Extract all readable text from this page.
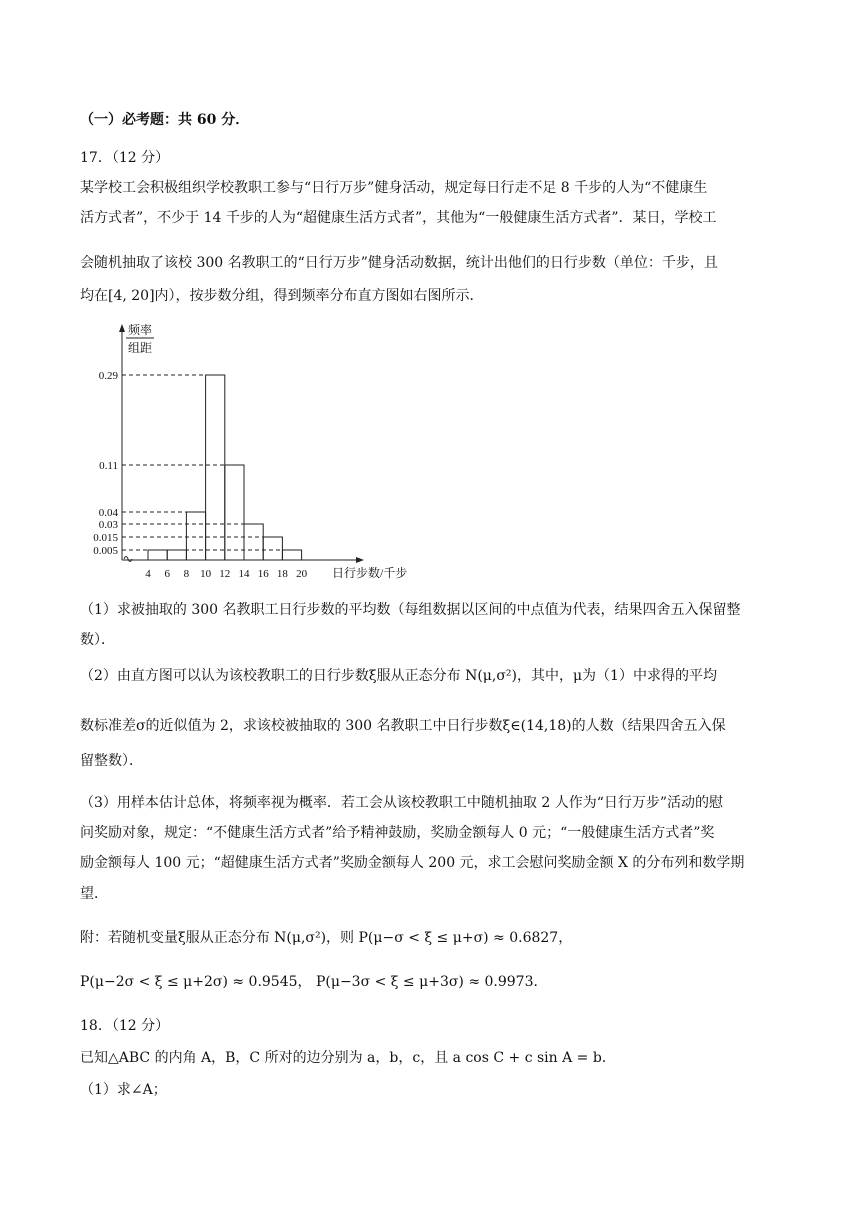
（一）必考题：共 60 分．
17．（12 分）
某学校工会积极组织学校教职工参与“日行万步”健身活动，规定每日行走不足 8 千步的人为“不健康生
活方式者”，不少于 14 千步的人为“超健康生活方式者”，其他为“一般健康生活方式者”．某日，学校工
会随机抽取了该校 300 名教职工的“日行万步”健身活动数据，统计出他们的日行步数（单位：千步，且
均在[4, 20]内），按步数分组，得到频率分布直方图如右图所示．
频率
组距
0.29
0.11
0.04
0.03
0.015
0.005
4 6 8 10 12 14 16 18 20 日行步数/千步
（1）求被抽取的 300 名教职工日行步数的平均数（每组数据以区间的中点值为代表，结果四舍五入保留整
数）．
（2）由直方图可以认为该校教职工的日行步数ξ服从正态分布 N(μ,σ²)，其中，μ为（1）中求得的平均
数标准差σ的近似值为 2，求该校被抽取的 300 名教职工中日行步数ξ∈(14,18)的人数（结果四舍五入保
留整数）．
（3）用样本估计总体，将频率视为概率．若工会从该校教职工中随机抽取 2 人作为“日行万步”活动的慰
问奖励对象，规定：“不健康生活方式者”给予精神鼓励，奖励金额每人 0 元；“一般健康生活方式者”奖
励金额每人 100 元；“超健康生活方式者”奖励金额每人 200 元，求工会慰问奖励金额 X 的分布列和数学期
望．
附：若随机变量ξ服从正态分布 N(μ,σ²)，则 P(μ−σ < ξ ≤ μ+σ) ≈ 0.6827，
P(μ−2σ < ξ ≤ μ+2σ) ≈ 0.9545， P(μ−3σ < ξ ≤ μ+3σ) ≈ 0.9973．
18．（12 分）
已知△ABC 的内角 A，B，C 所对的边分别为 a，b，c，且 a cos C + c sin A = b．
（1）求∠A；
